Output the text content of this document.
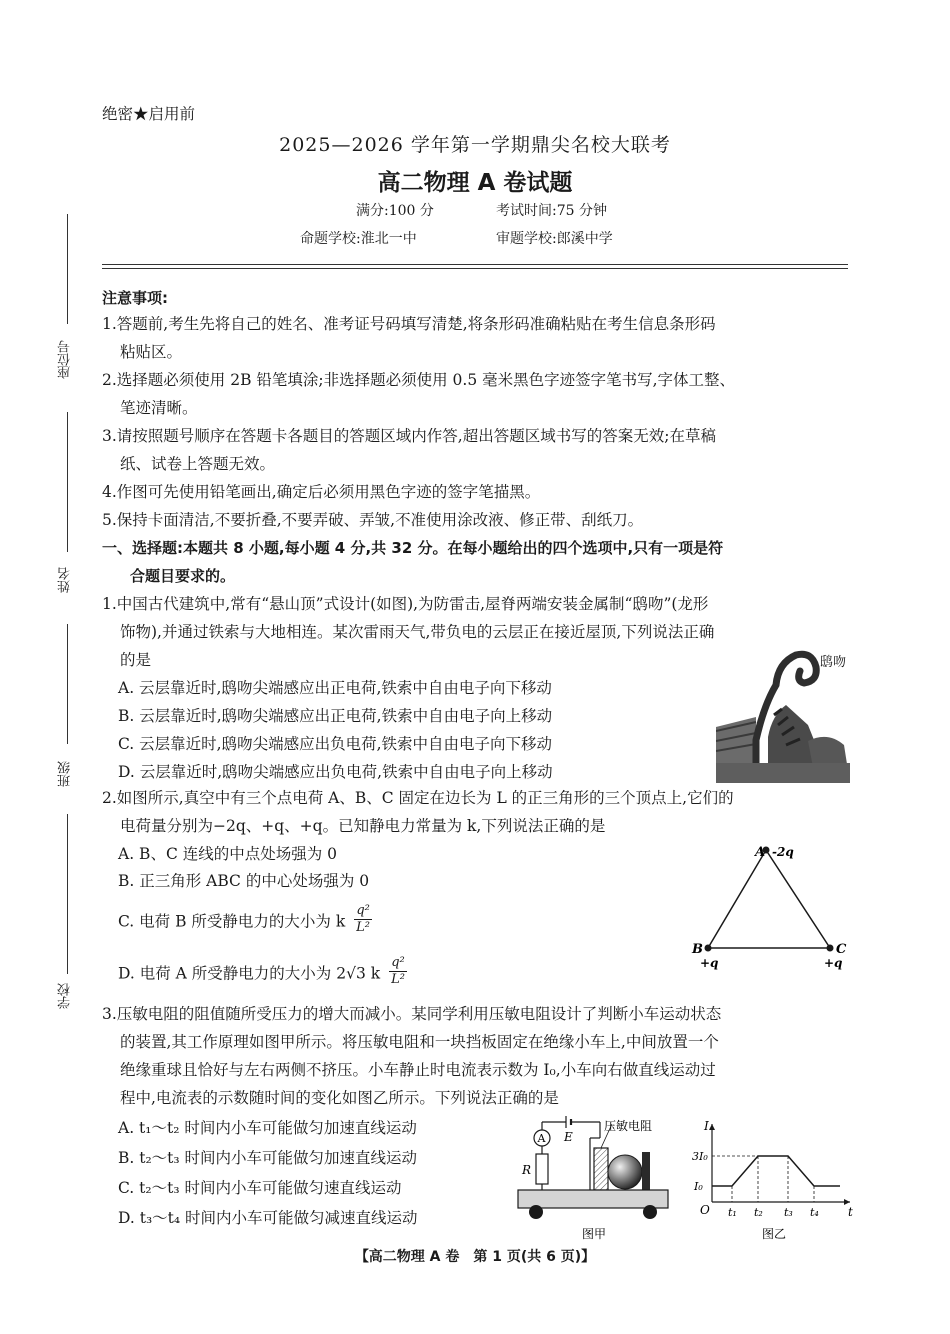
绝密★启用前
2025—2026 学年第一学期鼎尖名校大联考
高二物理 A 卷试题
满分:100 分	考试时间:75 分钟
命题学校:淮北一中	审题学校:郎溪中学
座位号
姓名
班级
学校
注意事项:
1.答题前,考生先将自己的姓名、准考证号码填写清楚,将条形码准确粘贴在考生信息条形码
粘贴区。
2.选择题必须使用 2B 铅笔填涂;非选择题必须使用 0.5 毫米黑色字迹签字笔书写,字体工整、
笔迹清晰。
3.请按照题号顺序在答题卡各题目的答题区域内作答,超出答题区域书写的答案无效;在草稿
纸、试卷上答题无效。
4.作图可先使用铅笔画出,确定后必须用黑色字迹的签字笔描黑。
5.保持卡面清洁,不要折叠,不要弄破、弄皱,不准使用涂改液、修正带、刮纸刀。
一、选择题:本题共 8 小题,每小题 4 分,共 32 分。在每小题给出的四个选项中,只有一项是符
合题目要求的。
1.中国古代建筑中,常有“悬山顶”式设计(如图),为防雷击,屋脊两端安装金属制“鸱吻”(龙形
饰物),并通过铁索与大地相连。某次雷雨天气,带负电的云层正在接近屋顶,下列说法正确
的是
A. 云层靠近时,鸱吻尖端感应出正电荷,铁索中自由电子向下移动
B. 云层靠近时,鸱吻尖端感应出正电荷,铁索中自由电子向上移动
C. 云层靠近时,鸱吻尖端感应出负电荷,铁索中自由电子向下移动
D. 云层靠近时,鸱吻尖端感应出负电荷,铁索中自由电子向上移动
鸱吻
2.如图所示,真空中有三个点电荷 A、B、C 固定在边长为 L 的正三角形的三个顶点上,它们的
电荷量分别为−2q、+q、+q。已知静电力常量为 k,下列说法正确的是
A. B、C 连线的中点处场强为 0
B. 正三角形 ABC 的中心处场强为 0
C. 电荷 B 所受静电力的大小为 k $\frac{\text{q²}}{\text{L²}}$
D. 电荷 A 所受静电力的大小为 2√3 k $\frac{\text{q²}}{\text{L²}}$
A -2q
B
+q
C
+q
3.压敏电阻的阻值随所受压力的增大而减小。某同学利用压敏电阻设计了判断小车运动状态
的装置,其工作原理如图甲所示。将压敏电阻和一块挡板固定在绝缘小车上,中间放置一个
绝缘重球且恰好与左右两侧不挤压。小车静止时电流表示数为 I₀,小车向右做直线运动过
程中,电流表的示数随时间的变化如图乙所示。下列说法正确的是
A. t₁～t₂ 时间内小车可能做匀加速直线运动
B. t₂～t₃ 时间内小车可能做匀加速直线运动
C. t₂～t₃ 时间内小车可能做匀速直线运动
D. t₃～t₄ 时间内小车可能做匀减速直线运动
E
A
R
压敏电阻
图甲
I
t
O
3I₀
I₀
t₁ t₂ t₃ t₄
图乙
【高二物理 A 卷　第 1 页(共 6 页)】
